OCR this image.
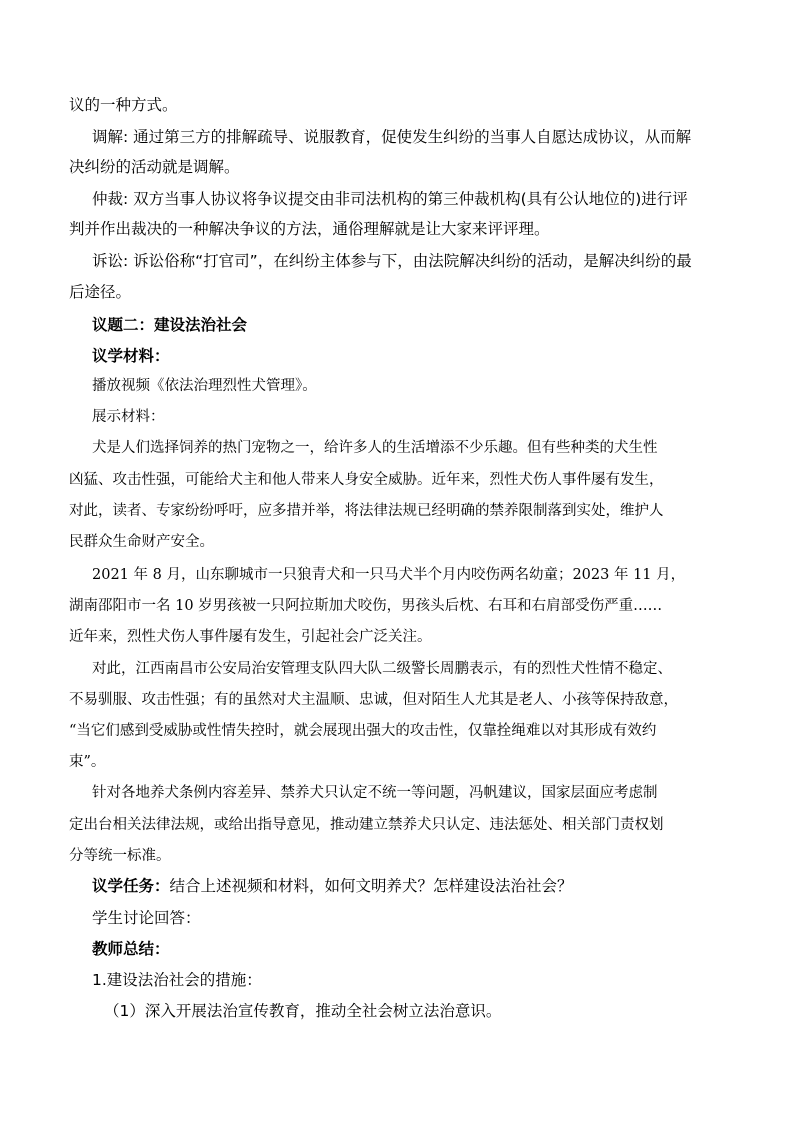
议的一种方式。
调解: 通过第三方的排解疏导、说服教育，促使发生纠纷的当事人自愿达成协议，从而解
决纠纷的活动就是调解。
仲裁: 双方当事人协议将争议提交由非司法机构的第三仲裁机构(具有公认地位的)进行评
判并作出裁决的一种解决争议的方法，通俗理解就是让大家来评评理。
诉讼: 诉讼俗称“打官司”，在纠纷主体参与下，由法院解决纠纷的活动，是解决纠纷的最
后途径。
议题二：建设法治社会
议学材料：
播放视频《依法治理烈性犬管理》。
展示材料：
犬是人们选择饲养的热门宠物之一，给许多人的生活增添不少乐趣。但有些种类的犬生性
凶猛、攻击性强，可能给犬主和他人带来人身安全威胁。近年来，烈性犬伤人事件屡有发生，
对此，读者、专家纷纷呼吁，应多措并举，将法律法规已经明确的禁养限制落到实处，维护人
民群众生命财产安全。
2021 年 8 月，山东聊城市一只狼青犬和一只马犬半个月内咬伤两名幼童；2023 年 11 月，
湖南邵阳市一名 10 岁男孩被一只阿拉斯加犬咬伤，男孩头后枕、右耳和右肩部受伤严重……
近年来，烈性犬伤人事件屡有发生，引起社会广泛关注。
对此，江西南昌市公安局治安管理支队四大队二级警长周鹏表示，有的烈性犬性情不稳定、
不易驯服、攻击性强；有的虽然对犬主温顺、忠诚，但对陌生人尤其是老人、小孩等保持敌意，
“当它们感到受威胁或性情失控时，就会展现出强大的攻击性，仅靠拴绳难以对其形成有效约
束”。
针对各地养犬条例内容差异、禁养犬只认定不统一等问题，冯帆建议，国家层面应考虑制
定出台相关法律法规，或给出指导意见，推动建立禁养犬只认定、违法惩处、相关部门责权划
分等统一标准。
议学任务：结合上述视频和材料，如何文明养犬？怎样建设法治社会？
学生讨论回答：
教师总结：
1.建设法治社会的措施：
（1）深入开展法治宣传教育，推动全社会树立法治意识。
